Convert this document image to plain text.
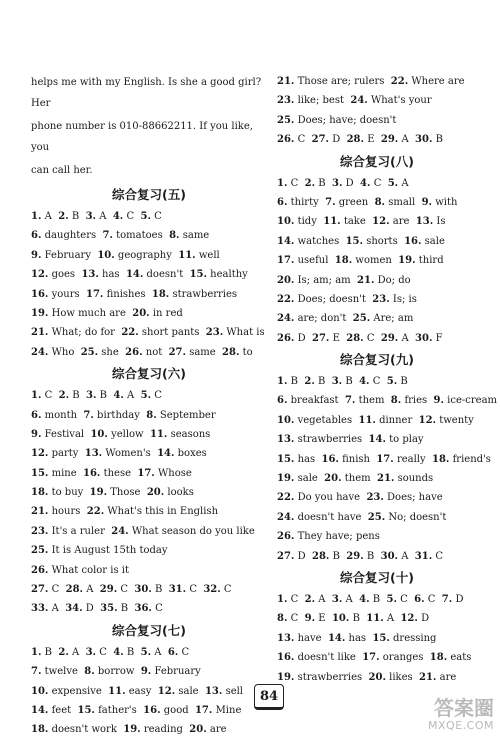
helps me with my English. Is she a good girl? Her
phone number is 010-88662211. If you like, you
can call her.
综合复习(五)
1. A 2. B 3. A 4. C 5. C
6. daughters 7. tomatoes 8. same
9. February 10. geography 11. well
12. goes 13. has 14. doesn't 15. healthy
16. yours 17. finishes 18. strawberries
19. How much are 20. in red
21. What; do for 22. short pants 23. What is
24. Who 25. she 26. not 27. same 28. to
综合复习(六)
1. C 2. B 3. B 4. A 5. C
6. month 7. birthday 8. September
9. Festival 10. yellow 11. seasons
12. party 13. Women's 14. boxes
15. mine 16. these 17. Whose
18. to buy 19. Those 20. looks
21. hours 22. What's this in English
23. It's a ruler 24. What season do you like
25. It is August 15th today
26. What color is it
27. C 28. A 29. C 30. B 31. C 32. C
33. A 34. D 35. B 36. C
综合复习(七)
1. B 2. A 3. C 4. B 5. A 6. C
7. twelve 8. borrow 9. February
10. expensive 11. easy 12. sale 13. sell
14. feet 15. father's 16. good 17. Mine
18. doesn't work 19. reading 20. are
21. Those are; rulers 22. Where are
23. like; best 24. What's your
25. Does; have; doesn't
26. C 27. D 28. E 29. A 30. B
综合复习(八)
1. C 2. B 3. D 4. C 5. A
6. thirty 7. green 8. small 9. with
10. tidy 11. take 12. are 13. Is
14. watches 15. shorts 16. sale
17. useful 18. women 19. third
20. Is; am; am 21. Do; do
22. Does; doesn't 23. Is; is
24. are; don't 25. Are; am
26. D 27. E 28. C 29. A 30. F
综合复习(九)
1. B 2. B 3. B 4. C 5. B
6. breakfast 7. them 8. fries 9. ice-cream
10. vegetables 11. dinner 12. twenty
13. strawberries 14. to play
15. has 16. finish 17. really 18. friend's
19. sale 20. them 21. sounds
22. Do you have 23. Does; have
24. doesn't have 25. No; doesn't
26. They have; pens
27. D 28. B 29. B 30. A 31. C
综合复习(十)
1. C 2. A 3. A 4. B 5. C 6. C 7. D
8. C 9. E 10. B 11. A 12. D
13. have 14. has 15. dressing
16. doesn't like 17. oranges 18. eats
19. strawberries 20. likes 21. are
84	答案圈
MXQE.COM
